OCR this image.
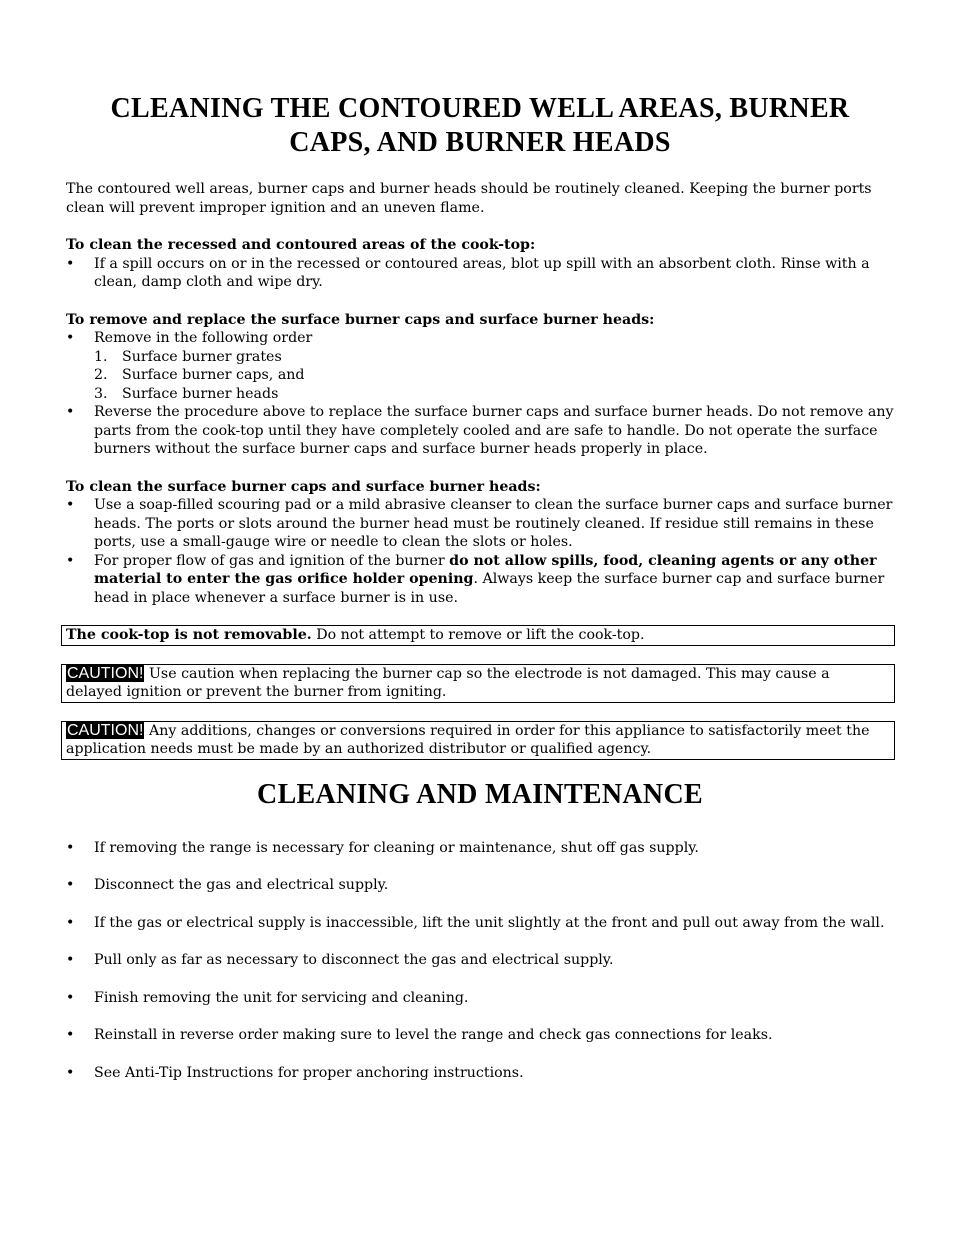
CLEANING THE CONTOURED WELL AREAS, BURNER CAPS, AND BURNER HEADS

The contoured well areas, burner caps and burner heads should be routinely cleaned. Keeping the burner ports clean will prevent improper ignition and an uneven flame.

To clean the recessed and contoured areas of the cook-top:

• If a spill occurs on or in the recessed or contoured areas, blot up spill with an absorbent cloth. Rinse with a clean, damp cloth and wipe dry.

To remove and replace the surface burner caps and surface burner heads:

• Remove in the following order
1. Surface burner grates
2. Surface burner caps, and
3. Surface burner heads
• Reverse the procedure above to replace the surface burner caps and surface burner heads. Do not remove any parts from the cook-top until they have completely cooled and are safe to handle. Do not operate the surface burners without the surface burner caps and surface burner heads properly in place.

To clean the surface burner caps and surface burner heads:

• Use a soap-filled scouring pad or a mild abrasive cleanser to clean the surface burner caps and surface burner heads. The ports or slots around the burner head must be routinely cleaned. If residue still remains in these ports, use a small-gauge wire or needle to clean the slots or holes.
• For proper flow of gas and ignition of the burner do not allow spills, food, cleaning agents or any other material to enter the gas orifice holder opening. Always keep the surface burner cap and surface burner head in place whenever a surface burner is in use.
The cook-top is not removable. Do not attempt to remove or lift the cook-top.
CAUTION! Use caution when replacing the burner cap so the electrode is not damaged. This may cause a delayed ignition or prevent the burner from igniting.
CAUTION! Any additions, changes or conversions required in order for this appliance to satisfactorily meet the application needs must be made by an authorized distributor or qualified agency.
CLEANING AND MAINTENANCE
• If removing the range is necessary for cleaning or maintenance, shut off gas supply.
• Disconnect the gas and electrical supply.
• If the gas or electrical supply is inaccessible, lift the unit slightly at the front and pull out away from the wall.
• Pull only as far as necessary to disconnect the gas and electrical supply.
• Finish removing the unit for servicing and cleaning.
• Reinstall in reverse order making sure to level the range and check gas connections for leaks.
• See Anti-Tip Instructions for proper anchoring instructions.
